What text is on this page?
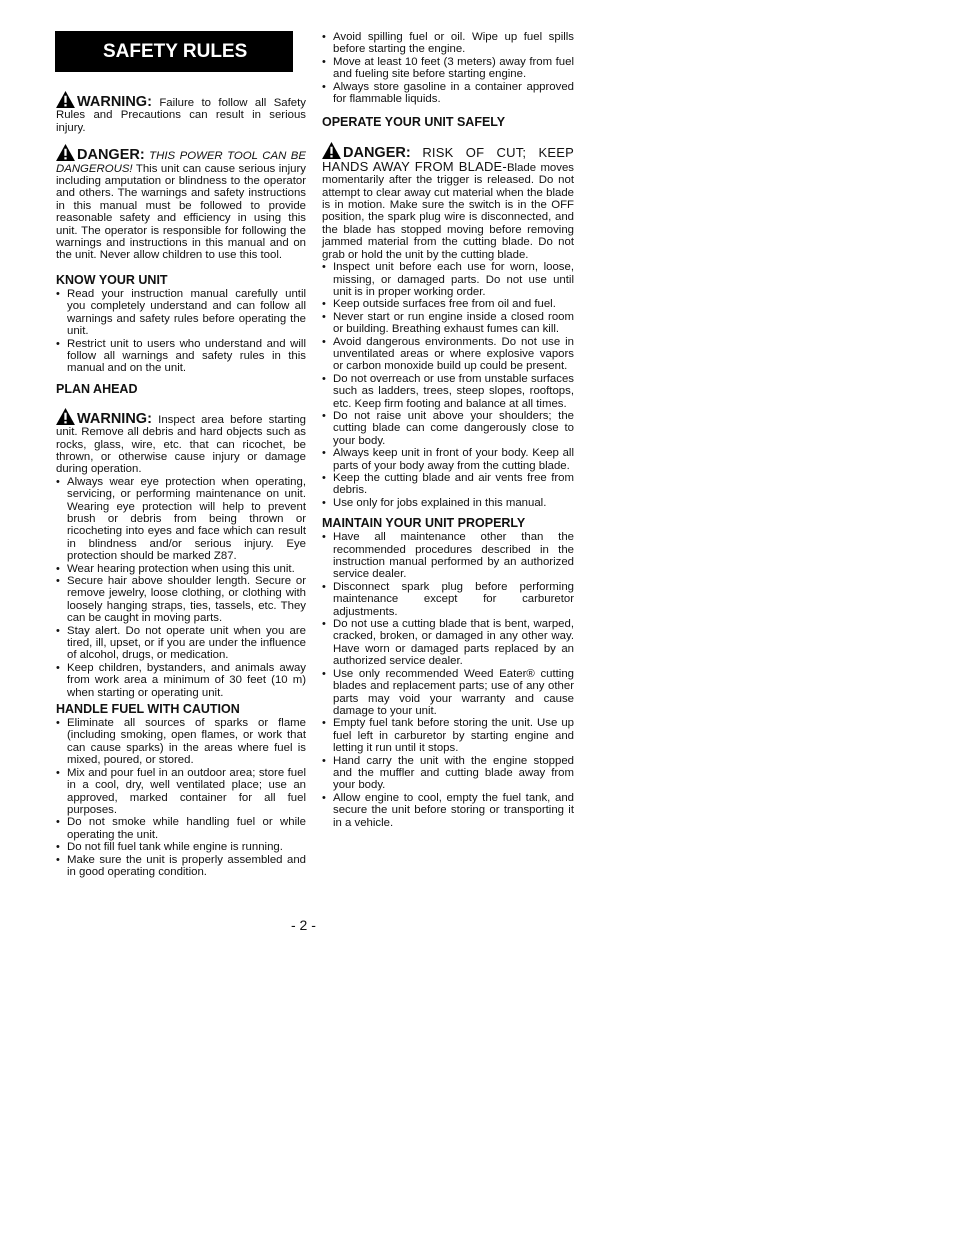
SAFETY RULES

WARNING: Failure to follow all Safety Rules and Precautions can result in serious injury.

DANGER: THIS POWER TOOL CAN BE DANGEROUS! This unit can cause serious injury including amputation or blindness to the operator and others. The warnings and safety instructions in this manual must be followed to provide reasonable safety and efficiency in using this unit. The operator is responsible for following the warnings and instructions in this manual and on the unit. Never allow children to use this tool.

KNOW YOUR UNIT
• Read your instruction manual carefully until you completely understand and can follow all warnings and safety rules before operating the unit.
• Restrict unit to users who understand and will follow all warnings and safety rules in this manual and on the unit.
PLAN AHEAD

WARNING: Inspect area before starting unit. Remove all debris and hard objects such as rocks, glass, wire, etc. that can ricochet, be thrown, or otherwise cause injury or damage during operation.

• Always wear eye protection when operating, servicing, or performing maintenance on unit. Wearing eye protection will help to prevent brush or debris from being thrown or ricocheting into eyes and face which can result in blindness and/or serious injury. Eye protection should be marked Z87.
• Wear hearing protection when using this unit.
• Secure hair above shoulder length. Secure or remove jewelry, loose clothing, or clothing with loosely hanging straps, ties, tassels, etc. They can be caught in moving parts.
• Stay alert. Do not operate unit when you are tired, ill, upset, or if you are under the influence of alcohol, drugs, or medication.
• Keep children, bystanders, and animals away from work area a minimum of 30 feet (10 m) when starting or operating unit.
HANDLE FUEL WITH CAUTION
• Eliminate all sources of sparks or flame (including smoking, open flames, or work that can cause sparks) in the areas where fuel is mixed, poured, or stored.
• Mix and pour fuel in an outdoor area; store fuel in a cool, dry, well ventilated place; use an approved, marked container for all fuel purposes.
• Do not smoke while handling fuel or while operating the unit.
• Do not fill fuel tank while engine is running.
• Make sure the unit is properly assembled and in good operating condition.
• Avoid spilling fuel or oil. Wipe up fuel spills before starting the engine.
• Move at least 10 feet (3 meters) away from fuel and fueling site before starting engine.
• Always store gasoline in a container approved for flammable liquids.
OPERATE YOUR UNIT SAFELY

DANGER: RISK OF CUT; KEEP HANDS AWAY FROM BLADE-Blade moves momentarily after the trigger is released. Do not attempt to clear away cut material when the blade is in motion. Make sure the switch is in the OFF position, the spark plug wire is disconnected, and the blade has stopped moving before removing jammed material from the cutting blade. Do not grab or hold the unit by the cutting blade.

• Inspect unit before each use for worn, loose, missing, or damaged parts. Do not use until unit is in proper working order.
• Keep outside surfaces free from oil and fuel.
• Never start or run engine inside a closed room or building. Breathing exhaust fumes can kill.
• Avoid dangerous environments. Do not use in unventilated areas or where explosive vapors or carbon monoxide build up could be present.
• Do not overreach or use from unstable surfaces such as ladders, trees, steep slopes, rooftops, etc. Keep firm footing and balance at all times.
• Do not raise unit above your shoulders; the cutting blade can come dangerously close to your body.
• Always keep unit in front of your body. Keep all parts of your body away from the cutting blade.
• Keep the cutting blade and air vents free from debris.
• Use only for jobs explained in this manual.
MAINTAIN YOUR UNIT PROPERLY
• Have all maintenance other than the recommended procedures described in the instruction manual performed by an authorized service dealer.
• Disconnect spark plug before performing maintenance except for carburetor adjustments.
• Do not use a cutting blade that is bent, warped, cracked, broken, or damaged in any other way. Have worn or damaged parts replaced by an authorized service dealer.
• Use only recommended Weed Eater® cutting blades and replacement parts; use of any other parts may void your warranty and cause damage to your unit.
• Empty fuel tank before storing the unit. Use up fuel left in carburetor by starting engine and letting it run until it stops.
• Hand carry the unit with the engine stopped and the muffler and cutting blade away from your body.
• Allow engine to cool, empty the fuel tank, and secure the unit before storing or transporting it in a vehicle.
- 2 -
